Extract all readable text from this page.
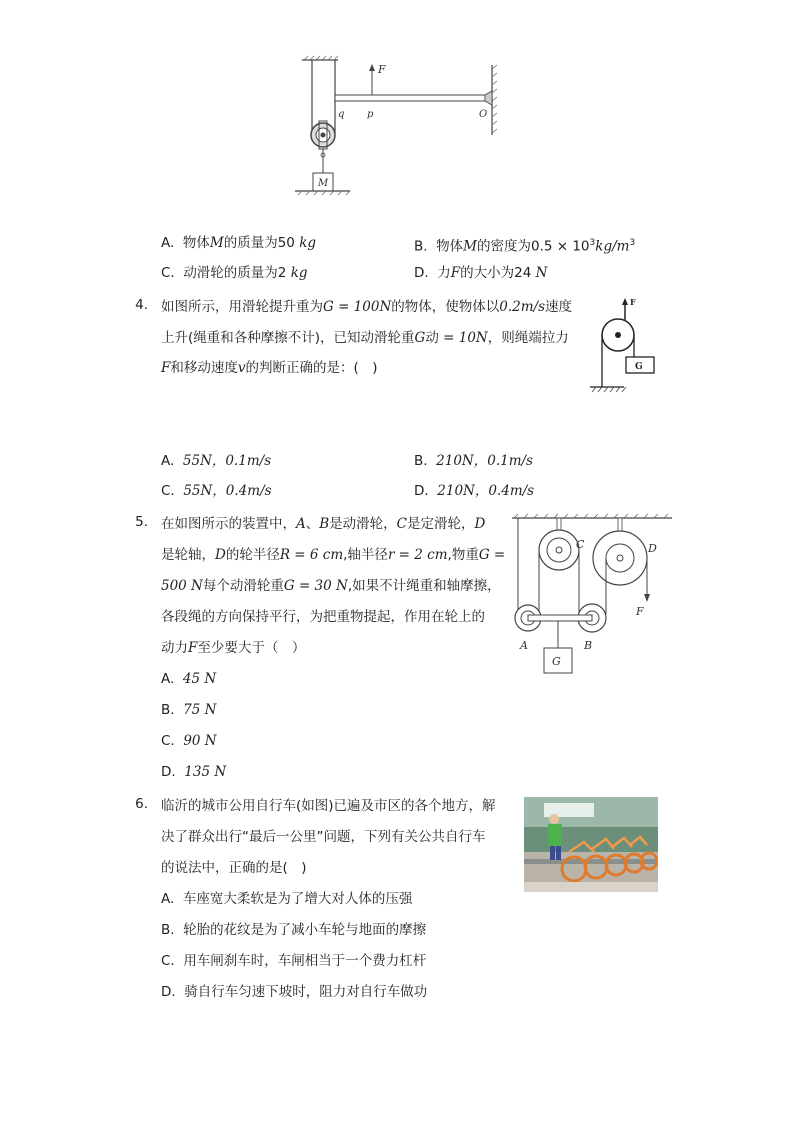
F
q p	O
M
A. 物体M的质量为50 kg	B. 物体M的密度为$0.5 \times 10^3kg/m^3$
C. 动滑轮的质量为2 kg	D. 力F的大小为24 N
4. 如图所示，用滑轮提升重为G = 100N的物体，使物体以0.2m/s速度
上升(绳重和各种摩擦不计)，已知动滑轮重G动 = 10N，则绳端拉力
F和移动速度v的判断正确的是：(　)
F
G
A. 55N，0.1m/s	B. 210N，0.1m/s
C. 55N，0.4m/s	D. 210N，0.4m/s
5. 在如图所示的装置中，A、B是动滑轮，C是定滑轮，D
是轮轴，D的轮半径R = 6 cm,轴半径r = 2 cm,物重G =
500 N每个动滑轮重G = 30 N,如果不计绳重和轴摩擦，
各段绳的方向保持平行，为把重物提起，作用在轮上的
动力F至少要大于（　）
C	D
F
A	B
G
A. 45 N
B. 75 N
C. 90 N
D. 135 N
6. 临沂的城市公用自行车(如图)已遍及市区的各个地方，解
决了群众出行“最后一公里”问题，下列有关公共自行车
的说法中，正确的是(　)
A. 车座宽大柔软是为了增大对人体的压强
B. 轮胎的花纹是为了减小车轮与地面的摩擦
C. 用车闸刹车时，车闸相当于一个费力杠杆
D. 骑自行车匀速下坡时，阻力对自行车做功
